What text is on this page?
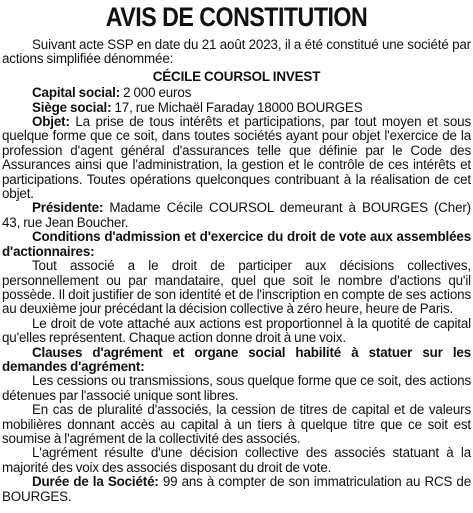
AVIS DE CONSTITUTION

Suivant acte SSP en date du 21 août 2023, il a été constitué une société par actions simplifiée dénommée:

CÉCILE COURSOL INVEST

Capital social: 2 000 euros

Siège social: 17, rue Michaël Faraday 18000 BOURGES

Objet: La prise de tous intérêts et participations, par tout moyen et sous quelque forme que ce soit, dans toutes sociétés ayant pour objet l'exercice de la profession d'agent général d'assurances telle que définie par le Code des Assurances ainsi que l'administration, la gestion et le contrôle de ces intérêts et participations. Toutes opérations quelconques contribuant à la réalisation de cet objet.

Présidente: Madame Cécile COURSOL demeurant à BOURGES (Cher) 43, rue Jean Boucher.

Conditions d'admission et d'exercice du droit de vote aux assemblées d'actionnaires:

Tout associé a le droit de participer aux décisions collectives, personnellement ou par mandataire, quel que soit le nombre d'actions qu'il possède. Il doit justifier de son identité et de l'inscription en compte de ses actions au deuxième jour précédant la décision collective à zéro heure, heure de Paris.

Le droit de vote attaché aux actions est proportionnel à la quotité de capital qu'elles représentent. Chaque action donne droit à une voix.

Clauses d'agrément et organe social habilité à statuer sur les demandes d'agrément:

Les cessions ou transmissions, sous quelque forme que ce soit, des actions détenues par l'associé unique sont libres.

En cas de pluralité d'associés, la cession de titres de capital et de valeurs mobilières donnant accès au capital à un tiers à quelque titre que ce soit est soumise à l'agrément de la collectivité des associés.

L'agrément résulte d'une décision collective des associés statuant à la majorité des voix des associés disposant du droit de vote.

Durée de la Société: 99 ans à compter de son immatriculation au RCS de BOURGES.
